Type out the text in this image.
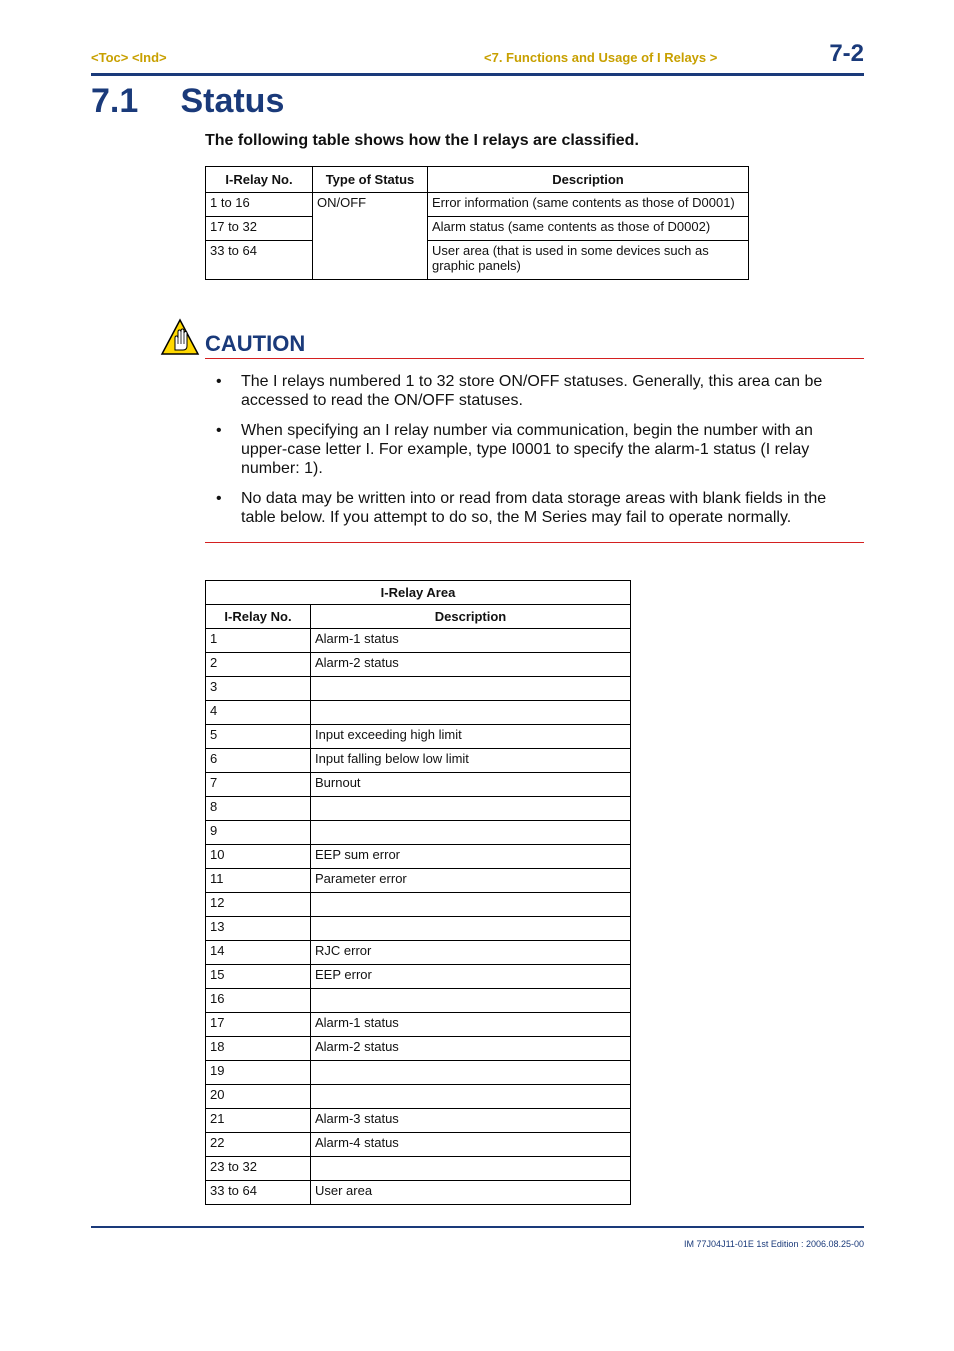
<Toc> <Ind>	<7. Functions and Usage of I Relays >	7-2
7.1 Status
The following table shows how the I relays are classified.
I-Relay No.	Type of Status	Description
1 to 16	ON/OFF	Error information (same contents as those of D0001)
17 to 32		Alarm status (same contents as those of D0002)
33 to 64		User area (that is used in some devices such as graphic panels)
CAUTION
• The I relays numbered 1 to 32 store ON/OFF statuses. Generally, this area can be accessed to read the ON/OFF statuses.
• When specifying an I relay number via communication, begin the number with an upper-case letter I. For example, type I0001 to specify the alarm-1 status (I relay number: 1).
• No data may be written into or read from data storage areas with blank fields in the table below. If you attempt to do so, the M Series may fail to operate normally.
I-Relay Area	
I-Relay No.	Description
1	Alarm-1 status
2	Alarm-2 status
3	
4	
5	Input exceeding high limit
6	Input falling below low limit
7	Burnout
8	
9	
10	EEP sum error
11	Parameter error
12	
13	
14	RJC error
15	EEP error
16	
17	Alarm-1 status
18	Alarm-2 status
19	
20	
21	Alarm-3 status
22	Alarm-4 status
23 to 32	
33 to 64	User area
IM 77J04J11-01E 1st Edition : 2006.08.25-00
